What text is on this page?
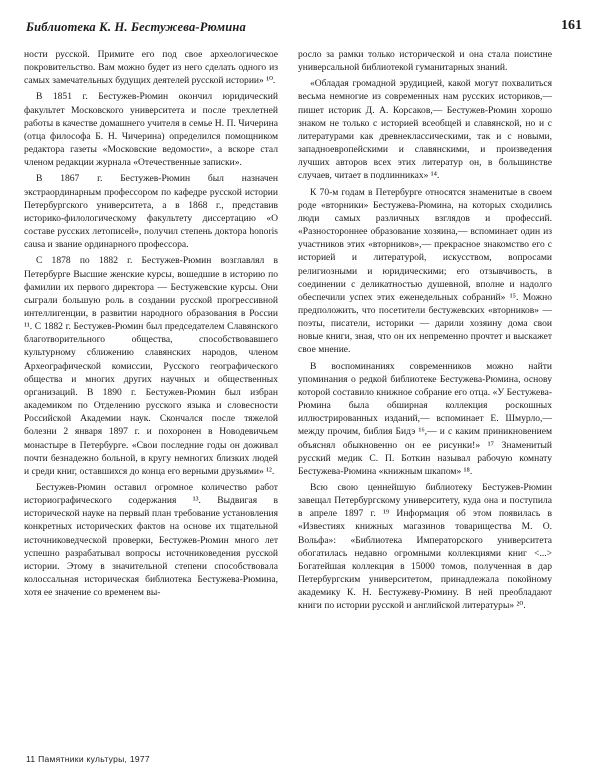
Библиотека К. Н. Бестужева-Рюмина	161

ности русской. Примите его под свое археологическое покровительство. Вам можно будет из него сделать одного из самых замечательных будущих деятелей русской истории» ¹⁰.

В 1851 г. Бестужев-Рюмин окончил юридический факультет Московского университета и после трехлетней работы в качестве домашнего учителя в семье Н. П. Чичерина (отца философа Б. Н. Чичерина) определился помощником редактора газеты «Московские ведомости», а вскоре стал членом редакции журнала «Отечественные записки».

В 1867 г. Бестужев-Рюмин был назначен экстраординарным профессором по кафедре русской истории Петербургского университета, а в 1868 г., представив историко-филологическому факультету диссертацию «О составе русских летописей», получил степень доктора honoris causa и звание ординарного профессора.

С 1878 по 1882 г. Бестужев-Рюмин возглавлял в Петербурге Высшие женские курсы, вошедшие в историю по фамилии их первого директора — Бестужевские курсы. Они сыграли большую роль в создании русской прогрессивной интеллигенции, в развитии народного образования в России ¹¹. С 1882 г. Бестужев-Рюмин был председателем Славянского благотворительного общества, способствовавшего культурному сближению славянских народов, членом Археографической комиссии, Русского географического общества и многих других научных и общественных организаций. В 1890 г. Бестужев-Рюмин был избран академиком по Отделению русского языка и словесности Российской Академии наук. Скончался после тяжелой болезни 2 января 1897 г. и похоронен в Новодевичьем монастыре в Петербурге. «Свои последние годы он доживал почти безнадежно больной, в кругу немногих близких людей и среди книг, оставшихся до конца его верными друзьями» ¹².

Бестужев-Рюмин оставил огромное количество работ историографического содержания ¹³. Выдвигая в исторической науке на первый план требование установления конкретных исторических фактов на основе их тщательной источниковедческой проверки, Бестужев-Рюмин много лет успешно разрабатывал вопросы источниковедения русской истории. Этому в значительной степени способствовала колоссальная историческая библиотека Бестужева-Рюмина, хотя ее значение со временем вы-

росло за рамки только исторической и она стала поистине универсальной библиотекой гуманитарных знаний.

«Обладая громадной эрудицией, какой могут похвалиться весьма немногие из современных нам русских историков,— пишет историк Д. А. Корсаков,— Бестужев-Рюмин хорошо знаком не только с историей всеобщей и славянской, но и с литературами как древнеклассическими, так и с новыми, западноевропейскими и славянскими, и произведения лучших авторов всех этих литератур он, в большинстве случаев, читает в подлинниках» ¹⁴.

К 70-м годам в Петербурге относятся знаменитые в своем роде «вторники» Бестужева-Рюмина, на которых сходились люди самых различных взглядов и профессий. «Разностороннее образование хозяина,— вспоминает один из участников этих «вторников»,— прекрасное знакомство его с историей и литературой, искусством, вопросами религиозными и юридическими; его отзывчивость, в соединении с деликатностью душевной, вполне и надолго обеспечили успех этих еженедельных собраний» ¹⁵. Можно предположить, что посетители бестужевских «вторников» — поэты, писатели, историки — дарили хозяину дома свои новые книги, зная, что он их непременно прочтет и выскажет свое мнение.

В воспоминаниях современников можно найти упоминания о редкой библиотеке Бестужева-Рюмина, основу которой составило книжное собрание его отца. «У Бестужева-Рюмина была обширная коллекция роскошных иллюстрированных изданий,— вспоминает Е. Шмурло,— между прочим, библия Бидэ ¹⁶,— и с каким приникновением объяснял обыкновенно он ее рисунки!» ¹⁷ Знаменитый русский медик С. П. Боткин называл рабочую комнату Бестужева-Рюмина «книжным шкапом» ¹⁸.

Всю свою ценнейшую библиотеку Бестужев-Рюмин завещал Петербургскому университету, куда она и поступила в апреле 1897 г. ¹⁹ Информация об этом появилась в «Известиях книжных магазинов товарищества М. О. Вольфа»: «Библиотека Императорского университета обогатилась недавно огромными коллекциями книг <...> Богатейшая коллекция в 15000 томов, полученная в дар Петербургским университетом, принадлежала покойному академику К. Н. Бестужеву-Рюмину. В ней преобладают книги по истории русской и английской литературы» ²⁰.

11 Памятники культуры, 1977
